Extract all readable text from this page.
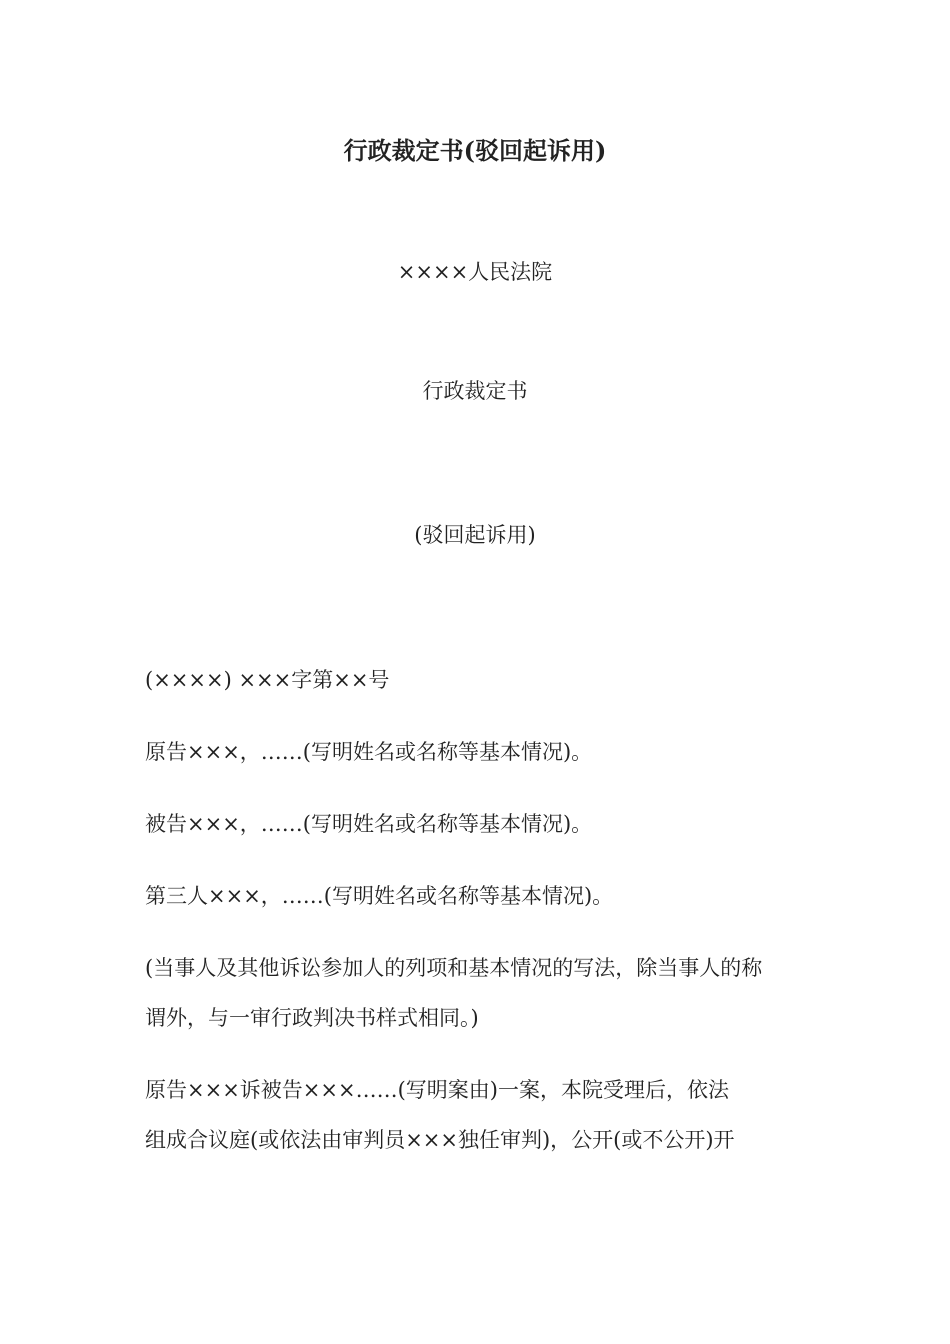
行政裁定书(驳回起诉用)
××××人民法院
行政裁定书
(驳回起诉用)
(××××) ×××字第××号
原告×××，……(写明姓名或名称等基本情况)。
被告×××，……(写明姓名或名称等基本情况)。
第三人×××，……(写明姓名或名称等基本情况)。
(当事人及其他诉讼参加人的列项和基本情况的写法，除当事人的称
谓外，与一审行政判决书样式相同。)
原告×××诉被告×××……(写明案由)一案，本院受理后，依法
组成合议庭(或依法由审判员×××独任审判)，公开(或不公开)开
